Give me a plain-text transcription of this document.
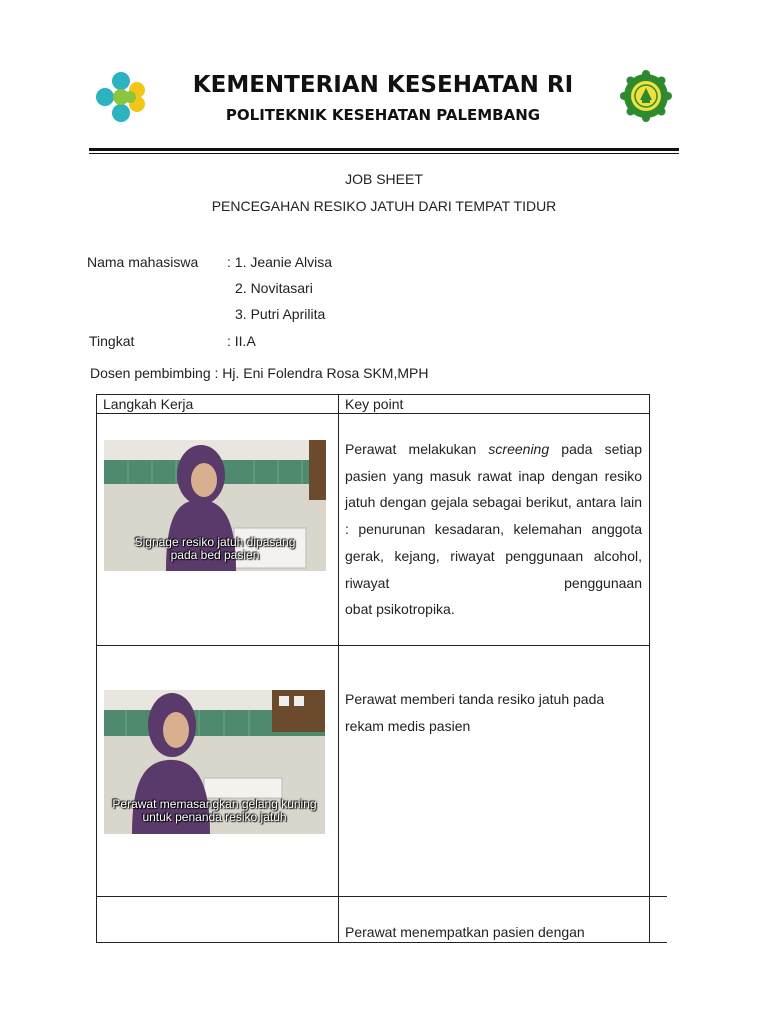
KEMENTERIAN KESEHATAN RI
POLITEKNIK KESEHATAN PALEMBANG
JOB SHEET
PENCEGAHAN RESIKO JATUH DARI TEMPAT TIDUR
Nama mahasiswa : 1. Jeanie Alvisa
2. Novitasari
3. Putri Aprilita
Tingkat	: II.A
Dosen pembimbing : Hj. Eni Folendra Rosa SKM,MPH
Langkah Kerja	Key point
Signage resiko jatuh dipasang
pada bed pasien
Perawat melakukan screening pada setiap pasien yang masuk rawat inap dengan resiko jatuh dengan gejala sebagai berikut, antara lain : penurunan kesadaran, kelemahan anggota gerak, kejang, riwayat penggunaan alcohol, riwayat penggunaan
obat psikotropika.
Perawat memasangkan gelang kuning
untuk penanda resiko jatuh
Perawat memberi tanda resiko jatuh pada rekam medis pasien
Perawat menempatkan pasien dengan
